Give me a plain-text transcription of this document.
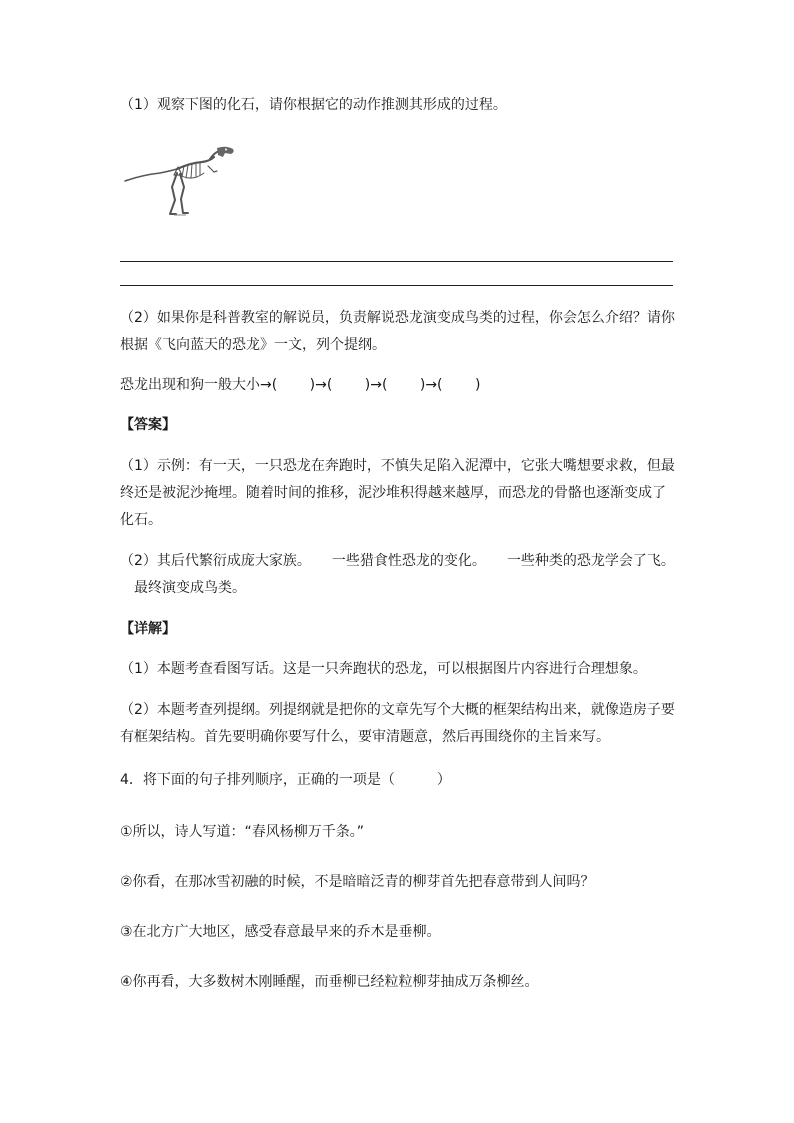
（1）观察下图的化石，请你根据它的动作推测其形成的过程。
（2）如果你是科普教室的解说员，负责解说恐龙演变成鸟类的过程，你会怎么介绍？请你
根据《飞向蓝天的恐龙》一文，列个提纲。
恐龙出现和狗一般大小→(　　 )→(　　 )→(　　 )→(　　 )
【答案】
（1）示例：有一天，一只恐龙在奔跑时，不慎失足陷入泥潭中，它张大嘴想要求救，但最
终还是被泥沙掩埋。随着时间的推移，泥沙堆积得越来越厚，而恐龙的骨骼也逐渐变成了
化石。
（2）其后代繁衍成庞大家族。　　一些猎食性恐龙的变化。　　一些种类的恐龙学会了飞。
　最终演变成鸟类。
【详解】
（1）本题考查看图写话。这是一只奔跑状的恐龙，可以根据图片内容进行合理想象。
（2）本题考查列提纲。列提纲就是把你的文章先写个大概的框架结构出来，就像造房子要
有框架结构。首先要明确你要写什么，要审清题意，然后再围绕你的主旨来写。
4．将下面的句子排列顺序，正确的一项是（　　　）
①所以，诗人写道：“春风杨柳万千条。”
②你看，在那冰雪初融的时候，不是暗暗泛青的柳芽首先把春意带到人间吗？
③在北方广大地区，感受春意最早来的乔木是垂柳。
④你再看，大多数树木刚睡醒，而垂柳已经粒粒柳芽抽成万条柳丝。
